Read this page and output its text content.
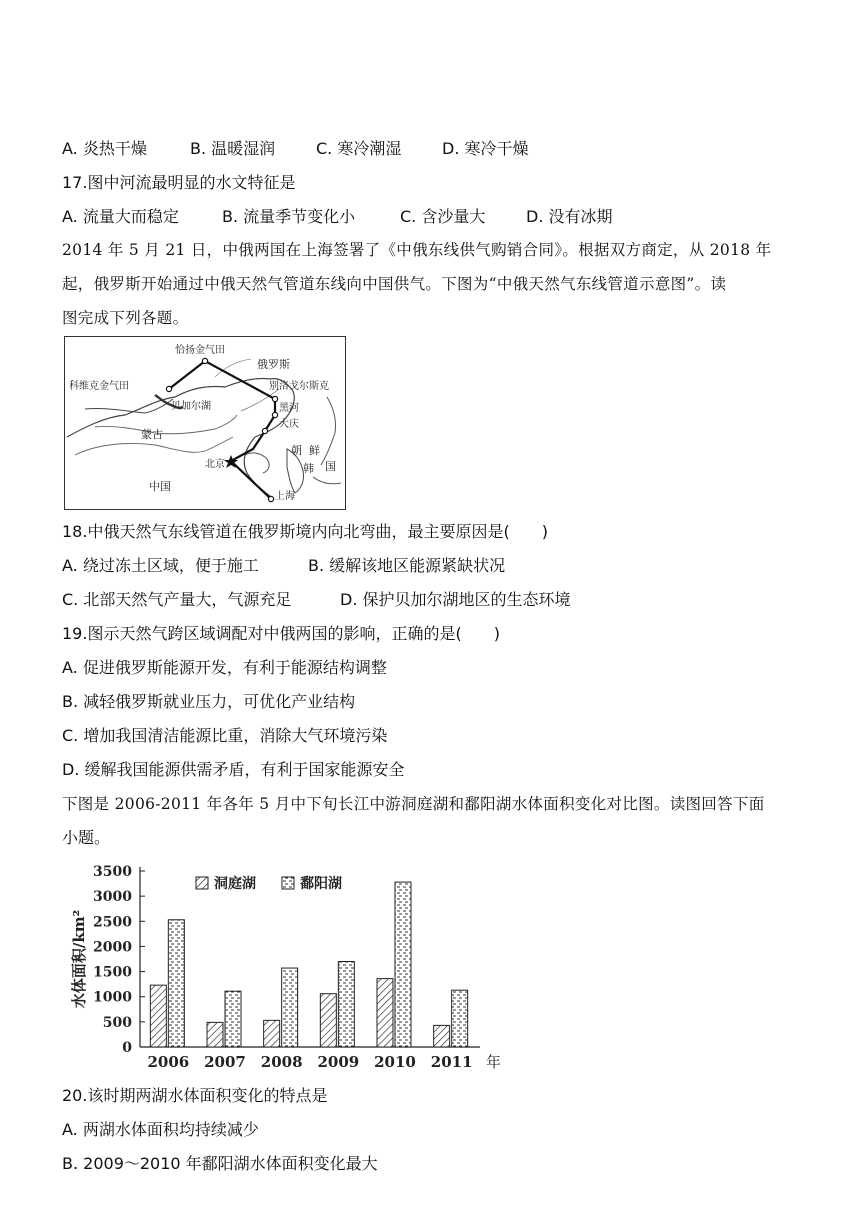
A. 炎热干燥	B. 温暖湿润	C. 寒冷潮湿	D. 寒冷干燥
17.图中河流最明显的水文特征是
A. 流量大而稳定	B. 流量季节变化小	C. 含沙量大	D. 没有冰期
2014 年 5 月 21 日，中俄两国在上海签署了《中俄东线供气购销合同》。根据双方商定，从 2018 年
起，俄罗斯开始通过中俄天然气管道东线向中国供气。下图为“中俄天然气东线管道示意图”。读
图完成下列各题。
恰扬金气田
俄罗斯
科维克金气田	别洛戈尔斯克
贝加尔湖	黑河
大庆
蒙古
北京
朝 鲜
韩 国
中国
上海
18.中俄天然气东线管道在俄罗斯境内向北弯曲，最主要原因是(　　)
A. 绕过冻土区域，便于施工	B. 缓解该地区能源紧缺状况
C. 北部天然气产量大，气源充足	D. 保护贝加尔湖地区的生态环境
19.图示天然气跨区域调配对中俄两国的影响，正确的是(　　)
A. 促进俄罗斯能源开发，有利于能源结构调整
B. 减轻俄罗斯就业压力，可优化产业结构
C. 增加我国清洁能源比重，消除大气环境污染
D. 缓解我国能源供需矛盾，有利于国家能源安全
下图是 2006-2011 年各年 5 月中下旬长江中游洞庭湖和鄱阳湖水体面积变化对比图。读图回答下面
小题。
0
500
1000
1500
2000
2500
3000
3500
水体面积/km²
2006 2007 2008 2009 2010 2011 年
洞庭湖	鄱阳湖
20.该时期两湖水体面积变化的特点是
A. 两湖水体面积均持续减少
B. 2009～2010 年鄱阳湖水体面积变化最大
